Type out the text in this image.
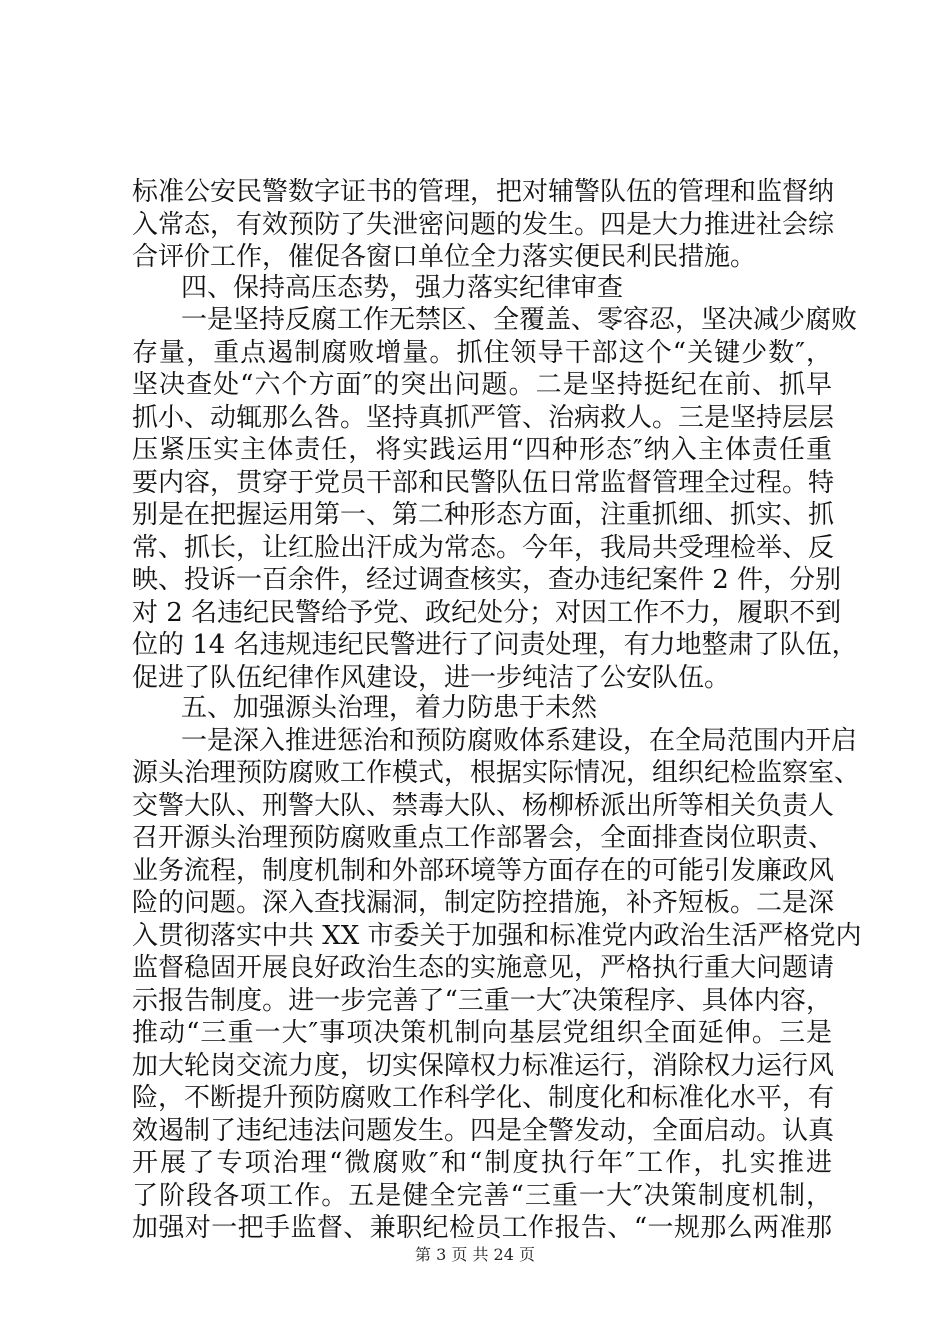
标准公安民警数字证书的管理，把对辅警队伍的管理和监督纳
入常态，有效预防了失泄密问题的发生。四是大力推进社会综
合评价工作，催促各窗口单位全力落实便民利民措施。
四、保持高压态势，强力落实纪律审查
一是坚持反腐工作无禁区、全覆盖、零容忍，坚决减少腐败
存量，重点遏制腐败增量。抓住领导干部这个“关键少数″，
坚决查处“六个方面″的突出问题。二是坚持挺纪在前、抓早
抓小、动辄那么咎。坚持真抓严管、治病救人。三是坚持层层
压紧压实主体责任，将实践运用“四种形态″纳入主体责任重
要内容，贯穿于党员干部和民警队伍日常监督管理全过程。特
别是在把握运用第一、第二种形态方面，注重抓细、抓实、抓
常、抓长，让红脸出汗成为常态。今年，我局共受理检举、反
映、投诉一百余件，经过调查核实，查办违纪案件 2 件，分别
对 2 名违纪民警给予党、政纪处分；对因工作不力，履职不到
位的 14 名违规违纪民警进行了问责处理，有力地整肃了队伍，
促进了队伍纪律作风建设，进一步纯洁了公安队伍。
五、加强源头治理，着力防患于未然
一是深入推进惩治和预防腐败体系建设，在全局范围内开启
源头治理预防腐败工作模式，根据实际情况，组织纪检监察室、
交警大队、刑警大队、禁毒大队、杨柳桥派出所等相关负责人
召开源头治理预防腐败重点工作部署会，全面排查岗位职责、
业务流程，制度机制和外部环境等方面存在的可能引发廉政风
险的问题。深入查找漏洞，制定防控措施，补齐短板。二是深
入贯彻落实中共 XX 市委关于加强和标准党内政治生活严格党内
监督稳固开展良好政治生态的实施意见，严格执行重大问题请
示报告制度。进一步完善了“三重一大″决策程序、具体内容，
推动“三重一大″事项决策机制向基层党组织全面延伸。三是
加大轮岗交流力度，切实保障权力标准运行，消除权力运行风
险，不断提升预防腐败工作科学化、制度化和标准化水平，有
效遏制了违纪违法问题发生。四是全警发动，全面启动。认真
开展了专项治理“微腐败″和“制度执行年″工作，扎实推进
了阶段各项工作。五是健全完善“三重一大″决策制度机制，
加强对一把手监督、兼职纪检员工作报告、“一规那么两准那
第 3 页 共 24 页
